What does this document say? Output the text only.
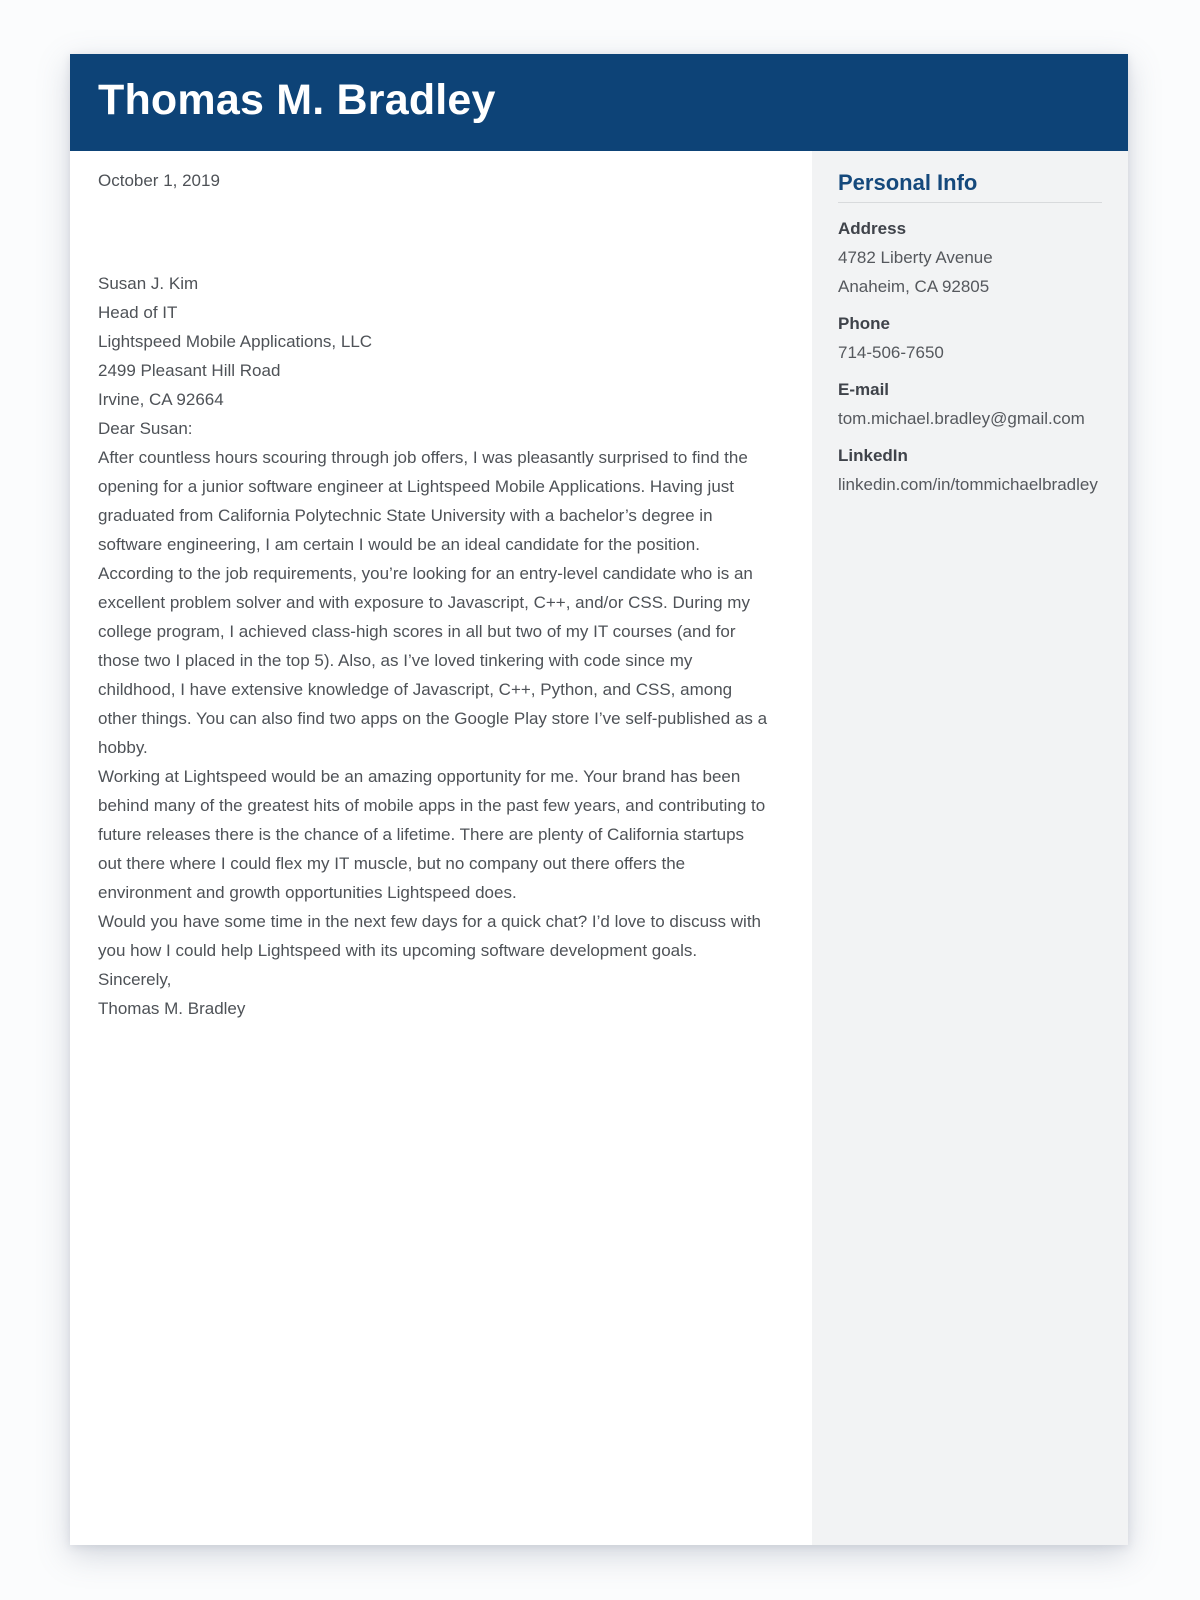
Thomas M. Bradley

October 1, 2019

Susan J. Kim

Head of IT

Lightspeed Mobile Applications, LLC

2499 Pleasant Hill Road

Irvine, CA 92664

Dear Susan:

After countless hours scouring through job offers, I was pleasantly surprised to find the opening for a junior software engineer at Lightspeed Mobile Applications. Having just graduated from California Polytechnic State University with a bachelor’s degree in software engineering, I am certain I would be an ideal candidate for the position.

According to the job requirements, you’re looking for an entry-level candidate who is an excellent problem solver and with exposure to Javascript, C++, and/or CSS. During my college program, I achieved class-high scores in all but two of my IT courses (and for those two I placed in the top 5). Also, as I’ve loved tinkering with code since my childhood, I have extensive knowledge of Javascript, C++, Python, and CSS, among other things. You can also find two apps on the Google Play store I’ve self-published as a hobby.

Working at Lightspeed would be an amazing opportunity for me. Your brand has been behind many of the greatest hits of mobile apps in the past few years, and contributing to future releases there is the chance of a lifetime. There are plenty of California startups out there where I could flex my IT muscle, but no company out there offers the environment and growth opportunities Lightspeed does.

Would you have some time in the next few days for a quick chat? I’d love to discuss with you how I could help Lightspeed with its upcoming software development goals.

Sincerely,

Thomas M. Bradley

Personal Info
Address
4782 Liberty Avenue
Anaheim, CA 92805
Phone
714-506-7650
E-mail
tom.michael.bradley@gmail.com
LinkedIn
linkedin.com/in/tommichaelbradley
